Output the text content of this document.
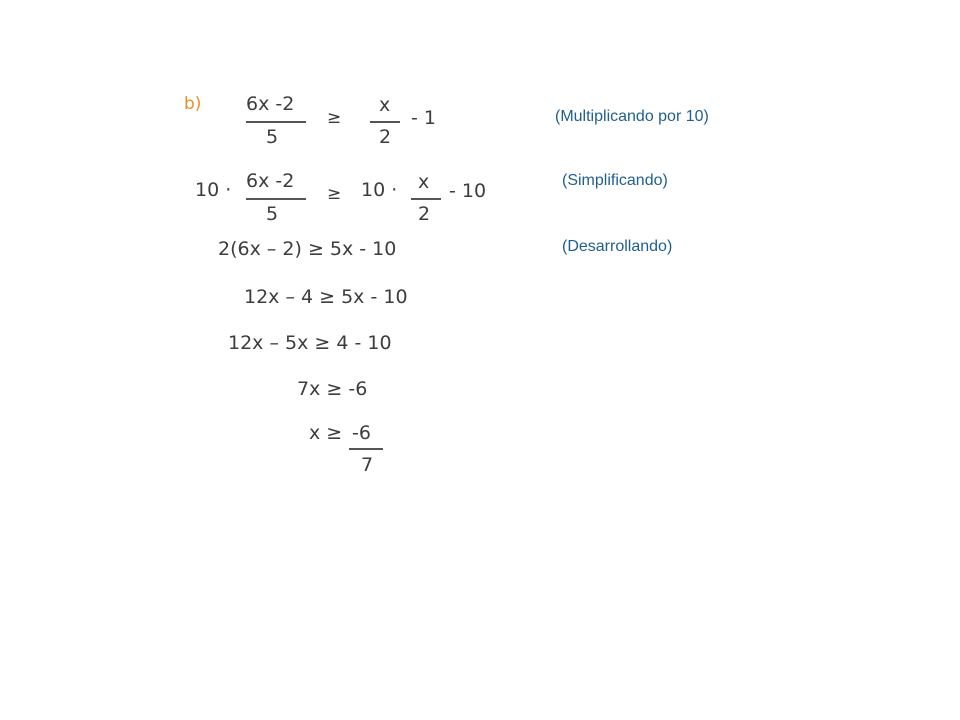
b) 6x -2
5
≥
x
2
- 1	(Multiplicando por 10)
10 · 6x -2
5
≥ 10 · x
2
- 10	(Simplificando)
2(6x – 2) ≥ 5x - 10	(Desarrollando)
12x – 4 ≥ 5x - 10
12x – 5x ≥ 4 - 10
7x ≥ -6
x ≥ -6
7
